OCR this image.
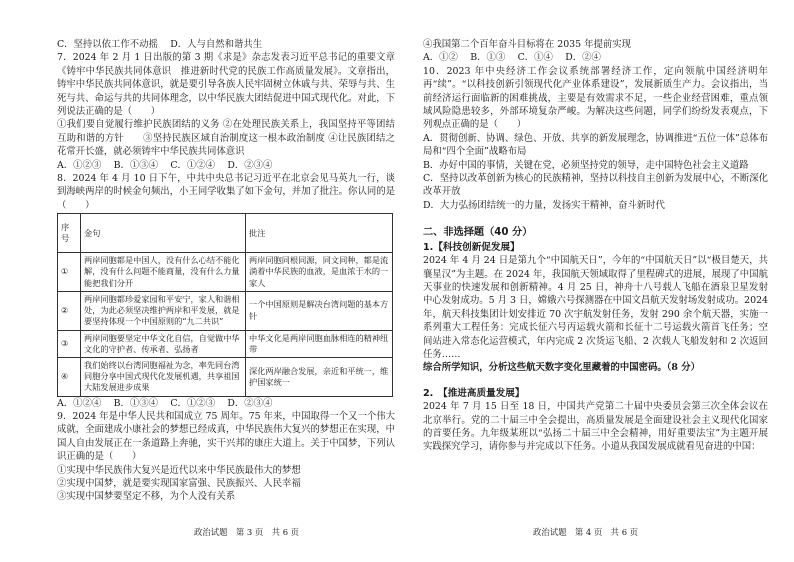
C．坚持以依工作不动摇　 D．人与自然和谐共生

7．2024 年 2 月 1 日出版的第 3 期《求是》杂志发表习近平总书记的重要文章《铸牢中华民族共同体意识　推进新时代党的民族工作高质量发展》。文章指出，铸牢中华民族共同体意识，就是要引导各族人民牢固树立休戚与共、荣辱与共、生死与共、命运与共的共同体理念，以中华民族大团结促进中国式现代化。对此，下列说法正确的是（　　）

①我们要自觉履行维护民族团结的义务 ②在处理民族关系上，我国坚持平等团结互助和谐的方针　　③坚持民族区域自治制度这一根本政治制度 ④让民族团结之花常开长盛，就必须铸牢中华民族共同体意识

A．①②③　 B．①③④　 C．①②④　 D．②③④

8．2024 年 4 月 10 日下午，中共中央总书记习近平在北京会见马英九一行，谈到海峡两岸的时候金句频出，小王同学收集了如下金句，并加了批注。你认同的是（　　）

序号	金句	批注
①	两岸同胞都是中国人，没有什么心结不能化解，没有什么问题不能商量，没有什么力量能把我们分开	两岸同胞同根同源，同文同种，都是流淌着中华民族的血液，是血浓于水的一家人
②	两岸同胞都珍爱家园和平安宁，家人和谐相处，为此必须坚决维护两岸和平发展，就是要坚持体现一个中国原则的“九二共识”	一个中国原则是解决台湾问题的基本方针
③	两岸同胞要坚定中华文化自信，自觉做中华文化的守护者、传承者、弘扬者	中华文化是两岸同胞血脉相连的精神纽带
④	我们始终以台湾同胞福祉为念，率先同台湾同胞分享中国式现代化发展机遇，共享祖国大陆发展进步成果	深化两岸融合发展，亲近和平统一，维护国家统一

A．①②④　 B．①③④　 C．①②③　 D．②③④

9．2024 年是中华人民共和国成立 75 周年。75 年来，中国取得一个又一个伟大成就，全面建成小康社会的梦想已经成真，中华民族伟大复兴的梦想正在实现，中国人自由发展正在一条道路上奔驰，实干兴邦的康庄大道上。关于中国梦，下列认识正确的是（　　）

①实现中华民族伟大复兴是近代以来中华民族最伟大的梦想
②实现中国梦，就是要实现国家富强、民族振兴、人民幸福
③实现中国梦要坚定不移，为个人没有关系

④我国第二个百年奋斗目标将在 2035 年提前实现

A．①②　 B．①③　 C．①④　 D．②④

10．2023 年中央经济工作会议系统部署经济工作，定向领航中国经济明年再“续”。“以科技创新引领现代化产业体系建设”，发展新质生产力。会议指出，当前经济运行面临新的困难挑战，主要是有效需求不足，一些企业经营困难，重点领域风险隐患较多，外部环境复杂严峻。为解决这些问题，同学们纷纷发表观点，下列观点正确的是（　　）

A．贯彻创新、协调、绿色、开放、共享的新发展理念，协调推进“五位一体”总体布局和“四个全面”战略布局

B．办好中国的事情，关键在党，必须坚持党的领导，走中国特色社会主义道路

C．坚持以改革创新为核心的民族精神，坚持以科技自主创新为发展中心，不断深化改革开放

D．大力弘扬团结统一的力量，发扬实干精神，奋斗新时代

二、非选择题（40 分）
1.【科技创新促发展】

2024 年 4 月 24 日是第九个“中国航天日”，今年的“中国航天日”以“极目楚天，共襄星汉”为主题。在 2024 年，我国航天领域取得了里程碑式的进展，展现了中国航天事业的快速发展和创新精神。4 月 25 日，神舟十八号载人飞船在酒泉卫星发射中心发射成功。5 月 3 日，嫦娥六号探测器在中国文昌航天发射场发射成功。2024 年，航天科技集团计划安排近 70 次宇航发射任务，发射 290 余个航天器，实施一系列重大工程任务：完成长征六号丙运载火箭和长征十二号运载火箭首飞任务；空间站进入常态化运营模式，年内完成 2 次货运飞船、2 次载人飞船发射和 2 次返回任务……

综合所学知识，分析这些航天数字变化里藏着的中国密码。（8 分）

2.　【推进高质量发展】

2024 年 7 月 15 日至 18 日，中国共产党第二十届中央委员会第三次全体会议在北京举行。党的二十届三中全会提出，高质量发展是全面建设社会主义现代化国家的首要任务。九年级某班以“弘扬二十届三中全会精神，用好重要法宝”为主题开展实践探究学习，请你参与并完成以下任务。小道从我国发展成就看见奋进的中国：

政治试题　第 3 页　共 6 页	政治试题　第 4 页　共 6 页
